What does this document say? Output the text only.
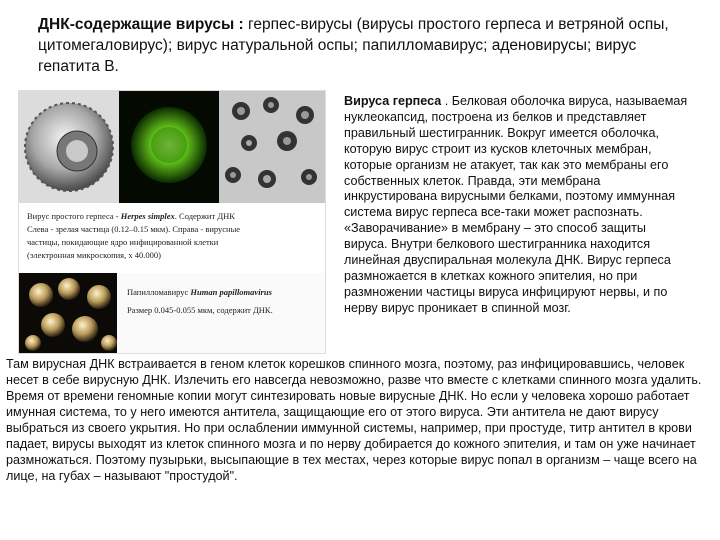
ДНК-содержащие вирусы : герпес-вирусы (вирусы простого герпеса и ветряной оспы, цитомегаловирус); вирус натуральной оспы; папилломавирус; аденовирусы; вирус гепатита В.
Вирус простого герпеса - Herpes simplex. Содержит ДНК
Слева - зрелая частица (0.12–0.15 мкм). Справа - вирусные
частицы, покидающие ядро инфицированной клетки
(электронная микроскопия, х 40.000)
Папилломавирус Human papillomavirus
Размер 0.045-0.055 мкм, содержит ДНК.
Вируса герпеса . Белковая оболочка вируса, называемая нуклеокапсид, построена из белков и представляет правильный шестигранник. Вокруг имеется оболочка, которую вирус строит из кусков клеточных мембран, которые организм не атакует, так как это мембраны его собственных клеток. Правда, эти мембрана инкрустирована вирусными белками, поэтому иммунная система вирус герпеса все-таки может распознать. «Заворачивание» в мембрану – это способ защиты вируса. Внутри белкового шестигранника находится линейная двуспиральная молекула ДНК. Вирус герпеса размножается в клетках кожного эпителия, но при размножении частицы вируса инфицируют нервы, и по нерву вирус проникает в спинной мозг.
Там вирусная ДНК встраивается в геном клеток корешков спинного мозга, поэтому, раз инфицировавшись, человек несет в себе вирусную ДНК. Излечить его навсегда невозможно, разве что вместе с клетками спинного мозга удалить. Время от времени геномные копии могут синтезировать новые вирусные ДНК. Но если у человека хорошо работает имунная система, то у него имеются антитела, защищающие его от этого вируса. Эти антитела не дают вирусу выбраться из своего укрытия. Но при ослаблении иммунной системы, например, при простуде, титр антител в крови падает, вирусы выходят из клеток спинного мозга и по нерву добирается до кожного эпителия, и там он уже начинает размножаться. Поэтому пузырьки, высыпающие в тех местах, через которые вирус попал в организм – чаще всего на лице, на губах – называют "простудой".
